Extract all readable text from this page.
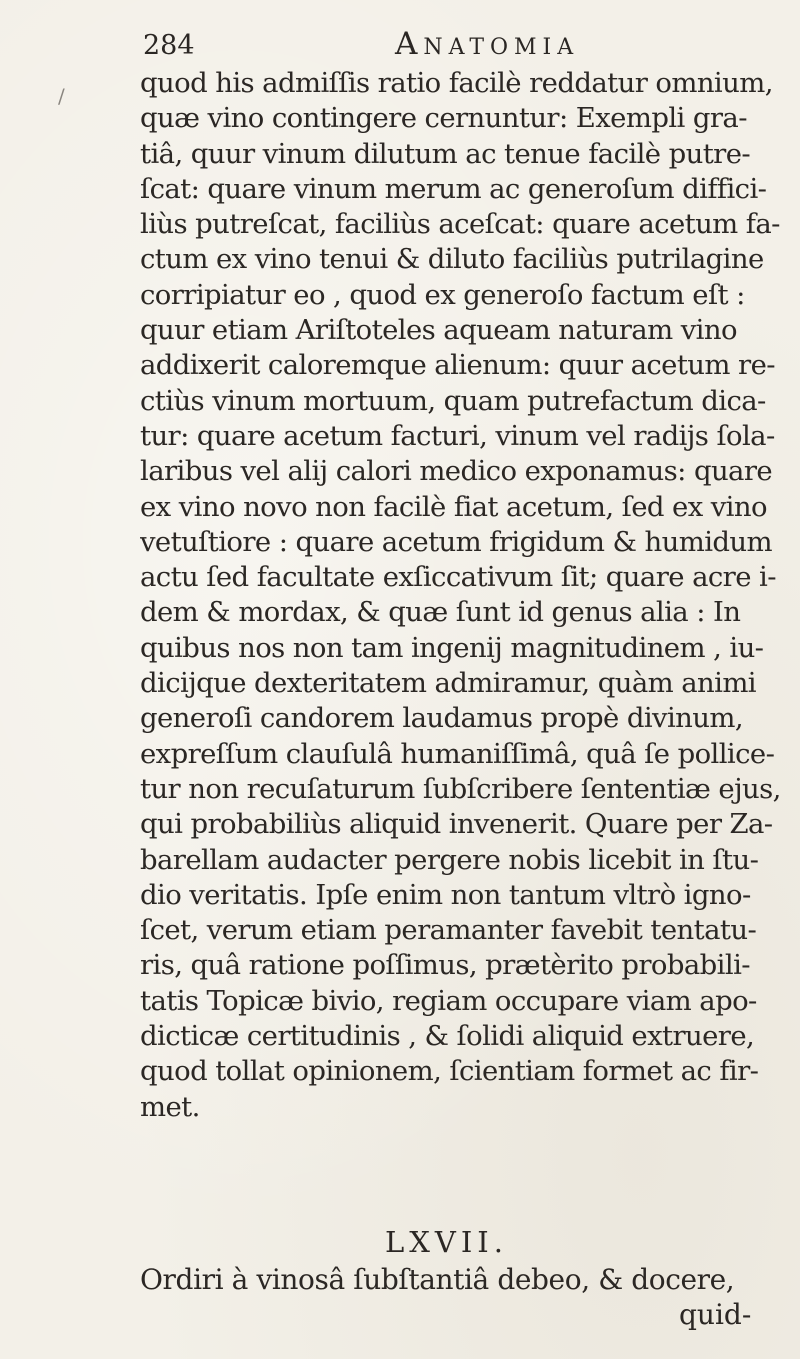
/
284	Anatomia
quod his admiſſis ratio facilè reddatur omnium,
quæ vino contingere cernuntur: Exempli gra-
tiâ, quur vinum dilutum ac tenue facilè putre-
ſcat: quare vinum merum ac generoſum diffici-
liùs putreſcat, faciliùs aceſcat: quare acetum fa-
ctum ex vino tenui & diluto faciliùs putrilagine
corripiatur eo , quod ex generoſo factum eſt :
quur etiam Ariſtoteles aqueam naturam vino
addixerit caloremque alienum: quur acetum re-
ctiùs vinum mortuum, quam putrefactum dica-
tur: quare acetum facturi, vinum vel radijs ſola-
laribus vel alij calori medico exponamus: quare
ex vino novo non facilè fiat acetum, ſed ex vino
vetuſtiore : quare acetum frigidum & humidum
actu ſed facultate exſiccativum ſit; quare acre i-
dem & mordax, & quæ ſunt id genus alia : In
quibus nos non tam ingenij magnitudinem , iu-
dicijque dexteritatem admiramur, quàm animi
generoſi candorem laudamus propè divinum,
expreſſum clauſulâ humaniſſimâ, quâ ſe pollice-
tur non recuſaturum ſubſcribere ſententiæ ejus,
qui probabiliùs aliquid invenerit. Quare per Za-
barellam audacter pergere nobis licebit in ſtu-
dio veritatis. Ipſe enim non tantum vltrò igno-
ſcet, verum etiam peramanter favebit tentatu-
ris, quâ ratione poſſimus, prætèrito probabili-
tatis Topicæ bivio, regiam occupare viam apo-
dicticæ certitudinis , & ſolidi aliquid extruere,
quod tollat opinionem, ſcientiam formet ac fir-
met.
LXVII.
Ordiri à vinosâ ſubſtantiâ debeo, & docere,
quid-
